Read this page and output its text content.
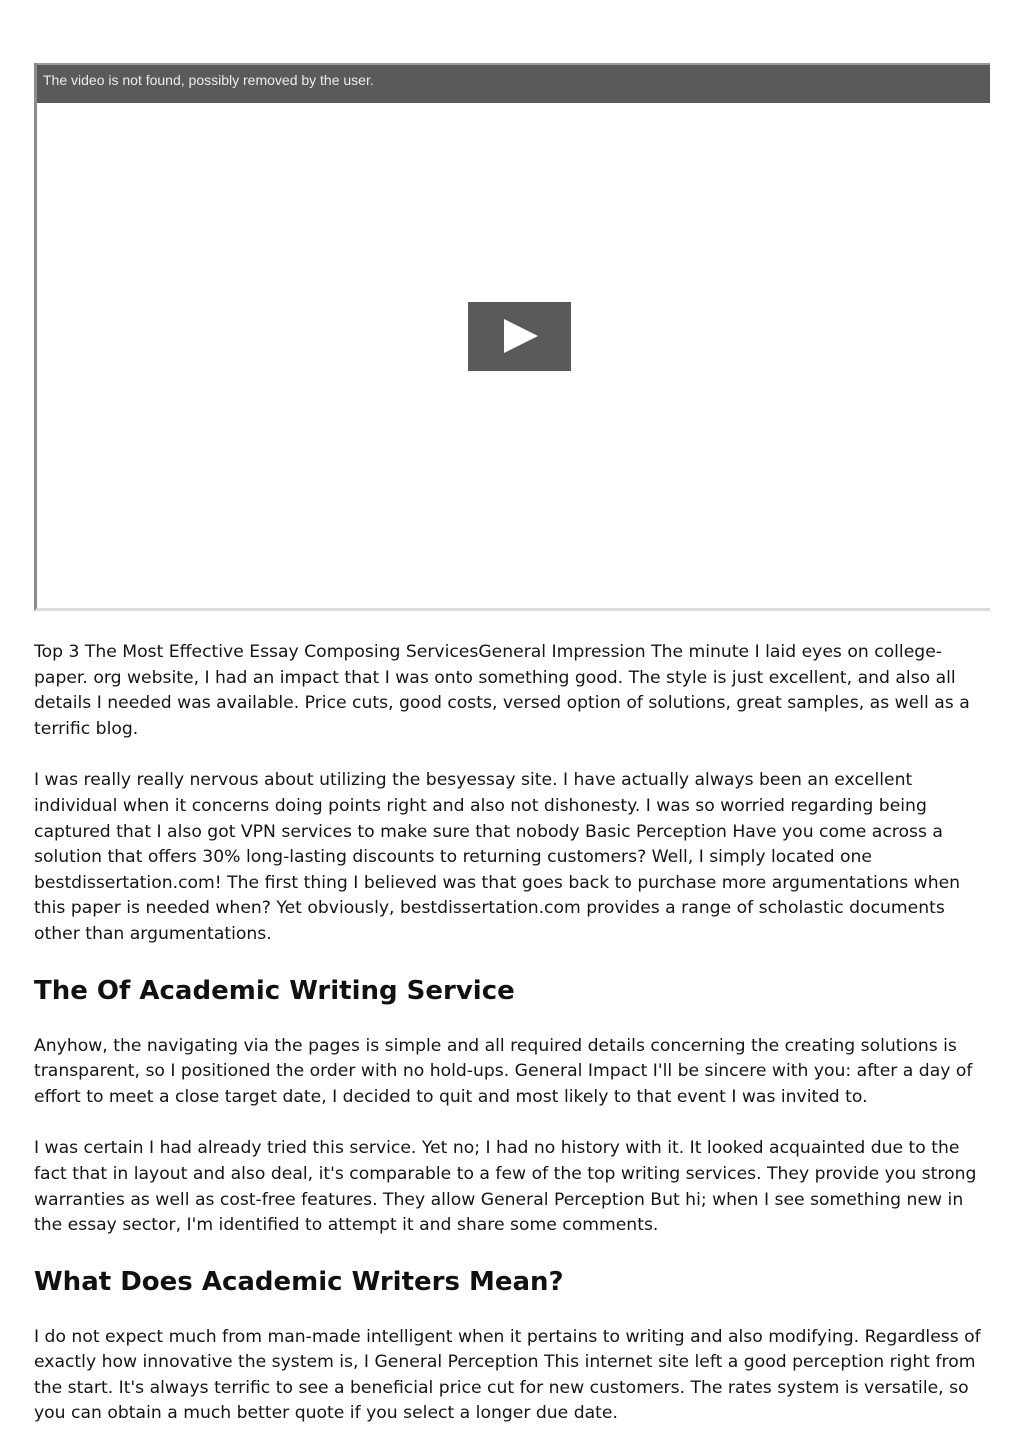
The video is not found, possibly removed by the user.

Top 3 The Most Effective Essay Composing ServicesGeneral Impression The minute I laid eyes on college-paper. org website, I had an impact that I was onto something good. The style is just excellent, and also all details I needed was available. Price cuts, good costs, versed option of solutions, great samples, as well as a terrific blog.

I was really really nervous about utilizing the besyessay site. I have actually always been an excellent individual when it concerns doing points right and also not dishonesty. I was so worried regarding being captured that I also got VPN services to make sure that nobody Basic Perception Have you come across a solution that offers 30% long-lasting discounts to returning customers? Well, I simply located one bestdissertation.com! The first thing I believed was that goes back to purchase more argumentations when this paper is needed when? Yet obviously, bestdissertation.com provides a range of scholastic documents other than argumentations.

The Of Academic Writing Service

Anyhow, the navigating via the pages is simple and all required details concerning the creating solutions is transparent, so I positioned the order with no hold-ups. General Impact I'll be sincere with you: after a day of effort to meet a close target date, I decided to quit and most likely to that event I was invited to.

I was certain I had already tried this service. Yet no; I had no history with it. It looked acquainted due to the fact that in layout and also deal, it's comparable to a few of the top writing services. They provide you strong warranties as well as cost-free features. They allow General Perception But hi; when I see something new in the essay sector, I'm identified to attempt it and share some comments.

What Does Academic Writers Mean?

I do not expect much from man-made intelligent when it pertains to writing and also modifying. Regardless of exactly how innovative the system is, I General Perception This internet site left a good perception right from the start. It's always terrific to see a beneficial price cut for new customers. The rates system is versatile, so you can obtain a much better quote if you select a longer due date.
